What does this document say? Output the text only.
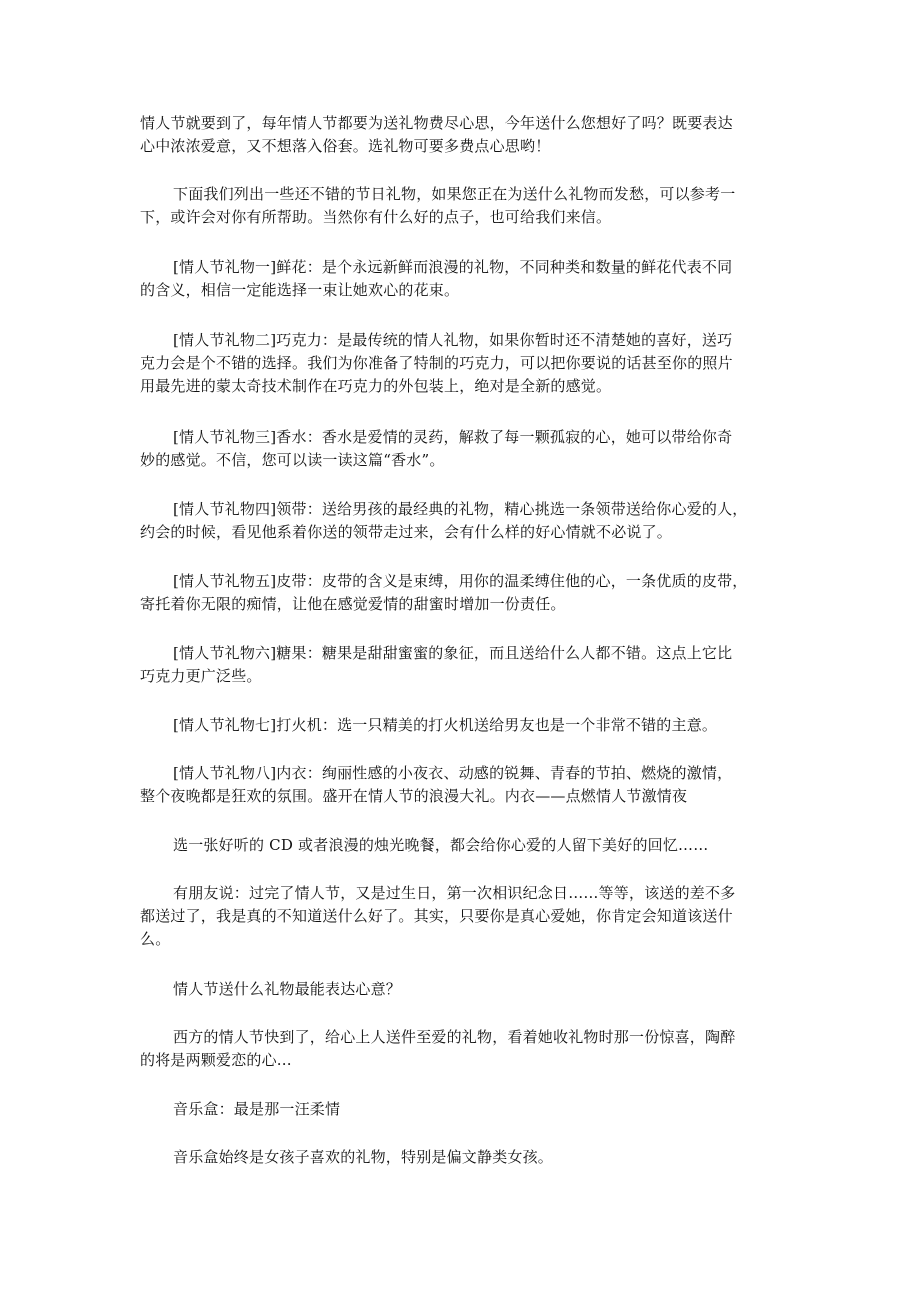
情人节就要到了，每年情人节都要为送礼物费尽心思，今年送什么您想好了吗？既要表达
心中浓浓爱意，又不想落入俗套。选礼物可要多费点心思哟！

下面我们列出一些还不错的节日礼物，如果您正在为送什么礼物而发愁，可以参考一
下，或许会对你有所帮助。当然你有什么好的点子，也可给我们来信。

[情人节礼物一]鲜花：是个永远新鲜而浪漫的礼物，不同种类和数量的鲜花代表不同
的含义，相信一定能选择一束让她欢心的花束。

[情人节礼物二]巧克力：是最传统的情人礼物，如果你暂时还不清楚她的喜好，送巧
克力会是个不错的选择。我们为你准备了特制的巧克力，可以把你要说的话甚至你的照片
用最先进的蒙太奇技术制作在巧克力的外包装上，绝对是全新的感觉。

[情人节礼物三]香水：香水是爱情的灵药，解救了每一颗孤寂的心，她可以带给你奇
妙的感觉。不信，您可以读一读这篇“香水”。

[情人节礼物四]领带：送给男孩的最经典的礼物，精心挑选一条领带送给你心爱的人，
约会的时候，看见他系着你送的领带走过来，会有什么样的好心情就不必说了。

[情人节礼物五]皮带：皮带的含义是束缚，用你的温柔缚住他的心，一条优质的皮带，
寄托着你无限的痴情，让他在感觉爱情的甜蜜时增加一份责任。

[情人节礼物六]糖果：糖果是甜甜蜜蜜的象征，而且送给什么人都不错。这点上它比
巧克力更广泛些。

[情人节礼物七]打火机：选一只精美的打火机送给男友也是一个非常不错的主意。

[情人节礼物八]内衣：绚丽性感的小夜衣、动感的锐舞、青春的节拍、燃烧的激情，
整个夜晚都是狂欢的氛围。盛开在情人节的浪漫大礼。内衣——点燃情人节激情夜

选一张好听的 CD 或者浪漫的烛光晚餐，都会给你心爱的人留下美好的回忆……

有朋友说：过完了情人节，又是过生日，第一次相识纪念日……等等，该送的差不多
都送过了，我是真的不知道送什么好了。其实，只要你是真心爱她，你肯定会知道该送什
么。

情人节送什么礼物最能表达心意？

西方的情人节快到了，给心上人送件至爱的礼物，看着她收礼物时那一份惊喜，陶醉
的将是两颗爱恋的心...

音乐盒：最是那一汪柔情

音乐盒始终是女孩子喜欢的礼物，特别是偏文静类女孩。
